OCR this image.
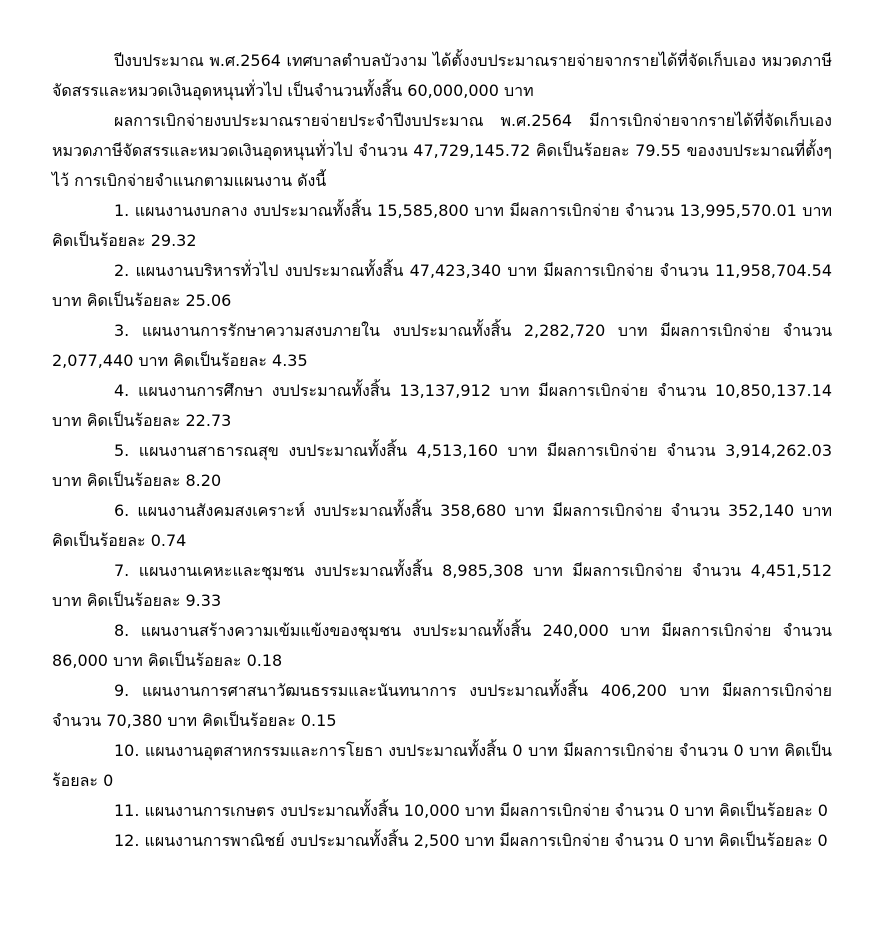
ปีงบประมาณ พ.ศ.2564 เทศบาลตำบลบัวงาม ได้ตั้งงบประมาณรายจ่ายจากรายได้ที่จัดเก็บเอง หมวดภาษีจัดสรรและหมวดเงินอุดหนุนทั่วไป เป็นจำนวนทั้งสิ้น 60,000,000 บาท

ผลการเบิกจ่ายงบประมาณรายจ่ายประจำปีงบประมาณ พ.ศ.2564 มีการเบิกจ่ายจากรายได้ที่จัดเก็บเอง หมวดภาษีจัดสรรและหมวดเงินอุดหนุนทั่วไป จำนวน 47,729,145.72 คิดเป็นร้อยละ 79.55 ของงบประมาณที่ตั้งๆไว้ การเบิกจ่ายจำแนกตามแผนงาน ดังนี้

1. แผนงานงบกลาง งบประมาณทั้งสิ้น 15,585,800 บาท มีผลการเบิกจ่าย จำนวน 13,995,570.01 บาท คิดเป็นร้อยละ 29.32

2. แผนงานบริหารทั่วไป งบประมาณทั้งสิ้น 47,423,340 บาท มีผลการเบิกจ่าย จำนวน 11,958,704.54 บาท คิดเป็นร้อยละ 25.06

3. แผนงานการรักษาความสงบภายใน งบประมาณทั้งสิ้น 2,282,720 บาท มีผลการเบิกจ่าย จำนวน 2,077,440 บาท คิดเป็นร้อยละ 4.35

4. แผนงานการศึกษา งบประมาณทั้งสิ้น 13,137,912 บาท มีผลการเบิกจ่าย จำนวน 10,850,137.14 บาท คิดเป็นร้อยละ 22.73

5. แผนงานสาธารณสุข งบประมาณทั้งสิ้น 4,513,160 บาท มีผลการเบิกจ่าย จำนวน 3,914,262.03 บาท คิดเป็นร้อยละ 8.20

6. แผนงานสังคมสงเคราะห์ งบประมาณทั้งสิ้น 358,680 บาท มีผลการเบิกจ่าย จำนวน 352,140 บาท คิดเป็นร้อยละ 0.74

7. แผนงานเคหะและชุมชน งบประมาณทั้งสิ้น 8,985,308 บาท มีผลการเบิกจ่าย จำนวน 4,451,512 บาท คิดเป็นร้อยละ 9.33

8. แผนงานสร้างความเข้มแข้งของชุมชน งบประมาณทั้งสิ้น 240,000 บาท มีผลการเบิกจ่าย จำนวน 86,000 บาท คิดเป็นร้อยละ 0.18

9. แผนงานการศาสนาวัฒนธรรมและนันทนาการ งบประมาณทั้งสิ้น 406,200 บาท มีผลการเบิกจ่าย จำนวน 70,380 บาท คิดเป็นร้อยละ 0.15

10. แผนงานอุตสาหกรรมและการโยธา งบประมาณทั้งสิ้น 0 บาท มีผลการเบิกจ่าย จำนวน 0 บาท คิดเป็นร้อยละ 0

11. แผนงานการเกษตร งบประมาณทั้งสิ้น 10,000 บาท มีผลการเบิกจ่าย จำนวน 0 บาท คิดเป็นร้อยละ 0

12. แผนงานการพาณิชย์ งบประมาณทั้งสิ้น 2,500 บาท มีผลการเบิกจ่าย จำนวน 0 บาท คิดเป็นร้อยละ 0
